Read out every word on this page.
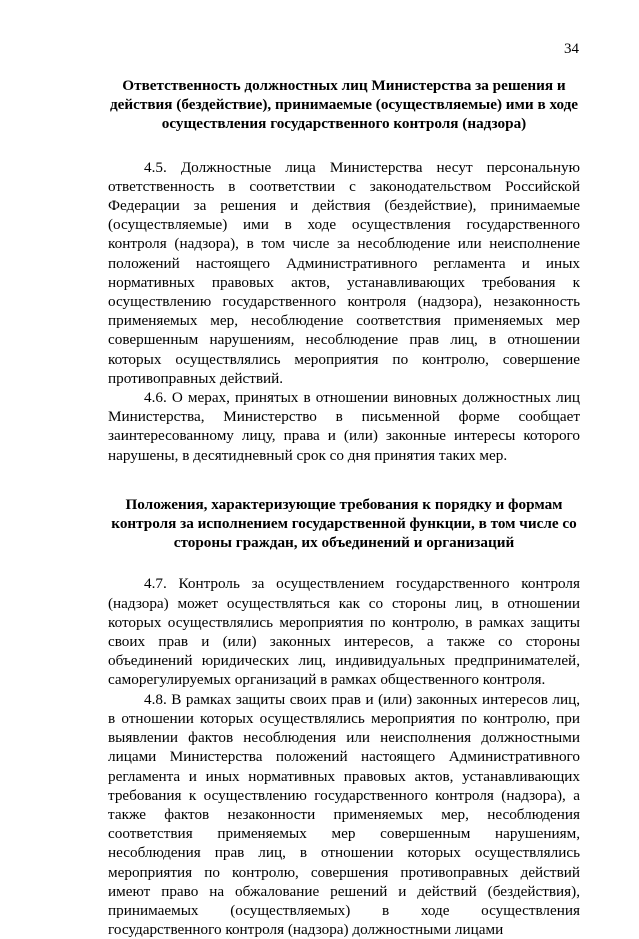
34
Ответственность должностных лиц Министерства за решения и действия (бездействие), принимаемые (осуществляемые) ими в ходе осуществления государственного контроля (надзора)

4.5. Должностные лица Министерства несут персональную ответственность в соответствии с законодательством Российской Федерации за решения и действия (бездействие), принимаемые (осуществляемые) ими в ходе осуществления государственного контроля (надзора), в том числе за несоблюдение или неисполнение положений настоящего Административного регламента и иных нормативных правовых актов, устанавливающих требования к осуществлению государственного контроля (надзора), незаконность применяемых мер, несоблюдение соответствия применяемых мер совершенным нарушениям, несоблюдение прав лиц, в отношении которых осуществлялись мероприятия по контролю, совершение противоправных действий.

4.6. О мерах, принятых в отношении виновных должностных лиц Министерства, Министерство в письменной форме сообщает заинтересованному лицу, права и (или) законные интересы которого нарушены, в десятидневный срок со дня принятия таких мер.

Положения, характеризующие требования к порядку и формам контроля за исполнением государственной функции, в том числе со стороны граждан, их объединений и организаций

4.7. Контроль за осуществлением государственного контроля (надзора) может осуществляться как со стороны лиц, в отношении которых осуществлялись мероприятия по контролю, в рамках защиты своих прав и (или) законных интересов, а также со стороны объединений юридических лиц, индивидуальных предпринимателей, саморегулируемых организаций в рамках общественного контроля.

4.8. В рамках защиты своих прав и (или) законных интересов лиц, в отношении которых осуществлялись мероприятия по контролю, при выявлении фактов несоблюдения или неисполнения должностными лицами Министерства положений настоящего Административного регламента и иных нормативных правовых актов, устанавливающих требования к осуществлению государственного контроля (надзора), а также фактов незаконности применяемых мер, несоблюдения соответствия применяемых мер совершенным нарушениям, несоблюдения прав лиц, в отношении которых осуществлялись мероприятия по контролю, совершения противоправных действий имеют право на обжалование решений и действий (бездействия), принимаемых (осуществляемых) в ходе осуществления государственного контроля (надзора) должностными лицами
